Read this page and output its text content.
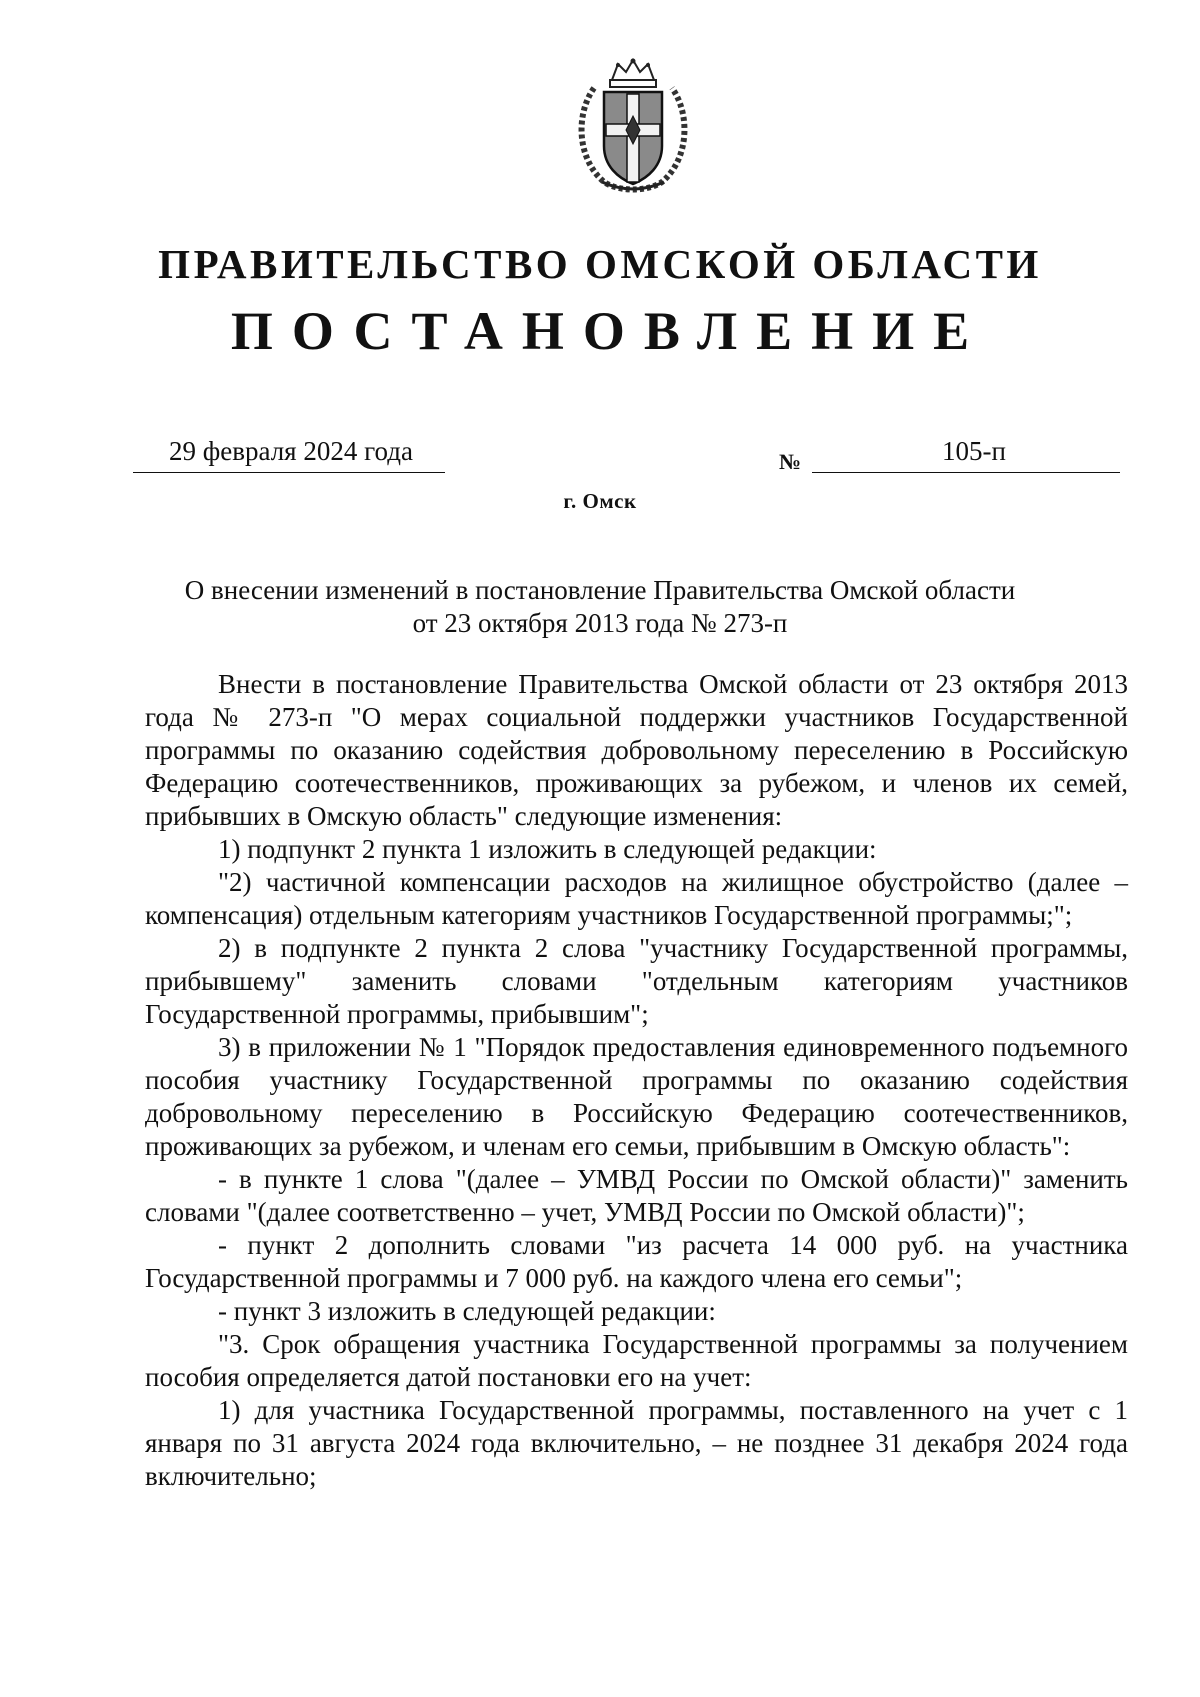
ПРАВИТЕЛЬСТВО ОМСКОЙ ОБЛАСТИ
ПОСТАНОВЛЕНИЕ
29 февраля 2024 года	№	105-п
г. Омск
О внесении изменений в постановление Правительства Омской области
от 23 октября 2013 года № 273-п

Внести в постановление Правительства Омской области от 23 октября 2013 года № 273-п "О мерах социальной поддержки участников Государственной программы по оказанию содействия добровольному переселению в Российскую Федерацию соотечественников, проживающих за рубежом, и членов их семей, прибывших в Омскую область" следующие изменения:

1) подпункт 2 пункта 1 изложить в следующей редакции:

"2) частичной компенсации расходов на жилищное обустройство (далее – компенсация) отдельным категориям участников Государственной программы;";

2) в подпункте 2 пункта 2 слова "участнику Государственной программы, прибывшему" заменить словами "отдельным категориям участников Государственной программы, прибывшим";

3) в приложении № 1 "Порядок предоставления единовременного подъемного пособия участнику Государственной программы по оказанию содействия добровольному переселению в Российскую Федерацию соотечественников, проживающих за рубежом, и членам его семьи, прибывшим в Омскую область":

- в пункте 1 слова "(далее – УМВД России по Омской области)" заменить словами "(далее соответственно – учет, УМВД России по Омской области)";

- пункт 2 дополнить словами "из расчета 14 000 руб. на участника Государственной программы и 7 000 руб. на каждого члена его семьи";

- пункт 3 изложить в следующей редакции:

"3. Срок обращения участника Государственной программы за получением пособия определяется датой постановки его на учет:

1) для участника Государственной программы, поставленного на учет с 1 января по 31 августа 2024 года включительно, – не позднее 31 декабря 2024 года включительно;
